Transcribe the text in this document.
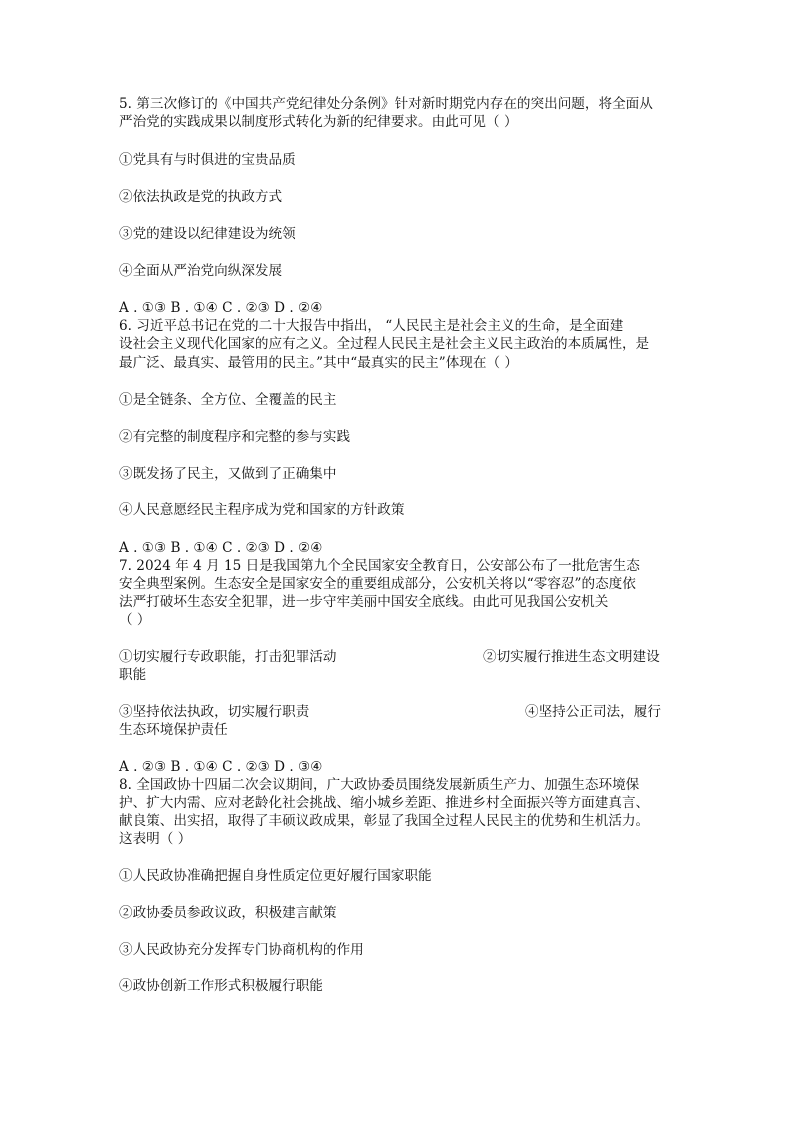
5. 第三次修订的《中国共产党纪律处分条例》针对新时期党内存在的突出问题，将全面从
严治党的实践成果以制度形式转化为新的纪律要求。由此可见（ ）
①党具有与时俱进的宝贵品质
②依法执政是党的执政方式
③党的建设以纪律建设为统领
④全面从严治党向纵深发展
A . ①③ B . ①④ C . ②③ D . ②④
6. 习近平总书记在党的二十大报告中指出， “人民民主是社会主义的生命，是全面建
设社会主义现代化国家的应有之义。全过程人民民主是社会主义民主政治的本质属性，是
最广泛、最真实、最管用的民主。”其中“最真实的民主”体现在（ ）
①是全链条、全方位、全覆盖的民主
②有完整的制度程序和完整的参与实践
③既发扬了民主，又做到了正确集中
④人民意愿经民主程序成为党和国家的方针政策
A . ①③ B . ①④ C . ②③ D . ②④
7. 2024 年 4 月 15 日是我国第九个全民国家安全教育日，公安部公布了一批危害生态
安全典型案例。生态安全是国家安全的重要组成部分，公安机关将以“零容忍”的态度依
法严打破坏生态安全犯罪，进一步守牢美丽中国安全底线。由此可见我国公安机关
（ ）
①切实履行专政职能，打击犯罪活动	②切实履行推进生态文明建设
职能
③坚持依法执政，切实履行职责	④坚持公正司法，履行
生态环境保护责任
A . ②③ B . ①④ C . ②③ D . ③④
8. 全国政协十四届二次会议期间，广大政协委员围绕发展新质生产力、加强生态环境保
护、扩大内需、应对老龄化社会挑战、缩小城乡差距、推进乡村全面振兴等方面建真言、
献良策、出实招，取得了丰硕议政成果，彰显了我国全过程人民民主的优势和生机活力。
这表明（ ）
①人民政协准确把握自身性质定位更好履行国家职能
②政协委员参政议政，积极建言献策
③人民政协充分发挥专门协商机构的作用
④政协创新工作形式积极履行职能
